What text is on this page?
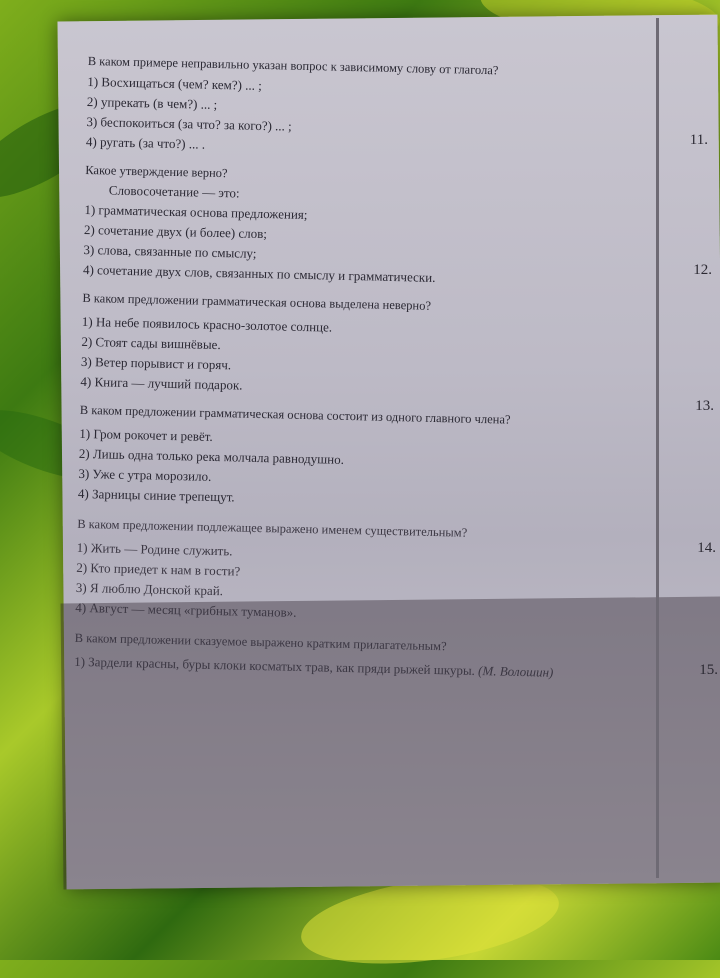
11.
12.
13.
14.
15.
В каком примере неправильно указан вопрос к зависимому слову от глагола?
1) Восхищаться (чем? кем?) ... ;
2) упрекать (в чем?) ... ;
3) беспокоиться (за что? за кого?) ... ;
4) ругать (за что?) ... .
Какое утверждение верно?
Словосочетание — это:
1) грамматическая основа предложения;
2) сочетание двух (и более) слов;
3) слова, связанные по смыслу;
4) сочетание двух слов, связанных по смыслу и грамматически.
В каком предложении грамматическая основа выделена неверно?
1) На небе появилось красно-золотое солнце.
2) Стоят сады вишнёвые.
3) Ветер порывист и горяч.
4) Книга — лучший подарок.
В каком предложении грамматическая основа состоит из одного главного члена?
1) Гром рокочет и ревёт.
2) Лишь одна только река молчала равнодушно.
3) Уже с утра морозило.
4) Зарницы синие трепещут.
В каком предложении подлежащее выражено именем существительным?
1) Жить — Родине служить.
2) Кто приедет к нам в гости?
3) Я люблю Донской край.
4) Август — месяц «грибных туманов».
В каком предложении сказуемое выражено кратким прилагательным?
1) Зардели красны, буры клоки косматых трав, как пряди рыжей шкуры. (М. Волошин)
